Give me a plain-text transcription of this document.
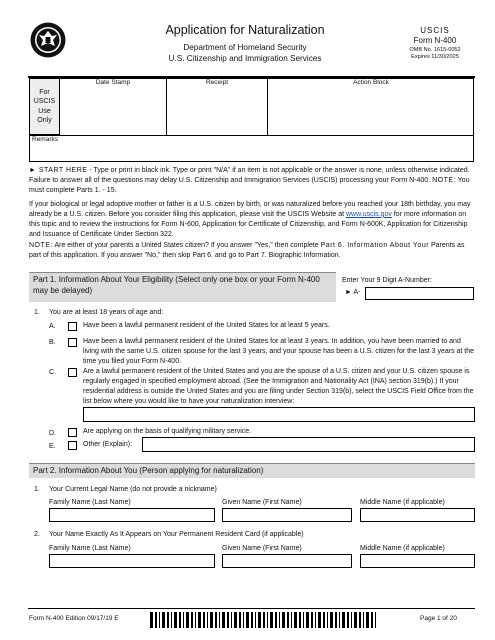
Application for Naturalization
Department of Homeland Security
U.S. Citizenship and Immigration Services
USCIS
Form N-400
OMB No. 1615-0052
Expires 11/30/2025
For
USCIS
Use
Only
Date Stamp	Receipt	Action Block
Remarks
► START HERE - Type or print in black ink. Type or print "N/A" if an item is not applicable or the answer is none, unless otherwise indicated. Failure to answer all of the questions may delay U.S. Citizenship and Immigration Services (USCIS) processing your Form N-400. NOTE: You must complete Parts 1. - 15.
If your biological or legal adoptive mother or father is a U.S. citizen by birth, or was naturalized before you reached your 18th birthday, you may already be a U.S. citizen. Before you consider filing this application, please visit the USCIS Website at www.uscis.gov for more information on this topic and to review the instructions for Form N-600, Application for Certificate of Citizenship, and Form N-600K, Application for Citizenship and Issuance of Certificate Under Section 322.
NOTE: Are either of your parents a United States citizen? If you answer "Yes," then complete Part 6. Information About Your Parents as part of this application. If you answer "No," then skip Part 6. and go to Part 7. Biographic Information.
Part 1. Information About Your Eligibility (Select only one box or your Form N-400 may be delayed)
Enter Your 9 Digit A-Number:
► A-
1. You are at least 18 years of age and:
A.	Have been a lawful permanent resident of the United States for at least 5 years.
B.	Have been a lawful permanent resident of the United States for at least 3 years. In addition, you have been married to and living with the same U.S. citizen spouse for the last 3 years, and your spouse has been a U.S. citizen for the last 3 years at the time you filed your Form N-400.
C.	Are a lawful permanent resident of the United States and you are the spouse of a U.S. citizen and your U.S. citizen spouse is regularly engaged in specified employment abroad. (See the Immigration and Nationality Act (INA) section 319(b).) If your residential address is outside the United States and you are filing under Section 319(b), select the USCIS Field Office from the list below where you would like to have your naturalization interview:
D.	Are applying on the basis of qualifying military service.
E.	Other (Explain):
Part 2. Information About You (Person applying for naturalization)
1. Your Current Legal Name (do not provide a nickname)
Family Name (Last Name)	Given Name (First Name)	Middle Name (if applicable)
2. Your Name Exactly As It Appears on Your Permanent Resident Card (if applicable)
Family Name (Last Name)	Given Name (First Name)	Middle Name (if applicable)
Form N-400 Edition 09/17/19 E	Page 1 of 20
